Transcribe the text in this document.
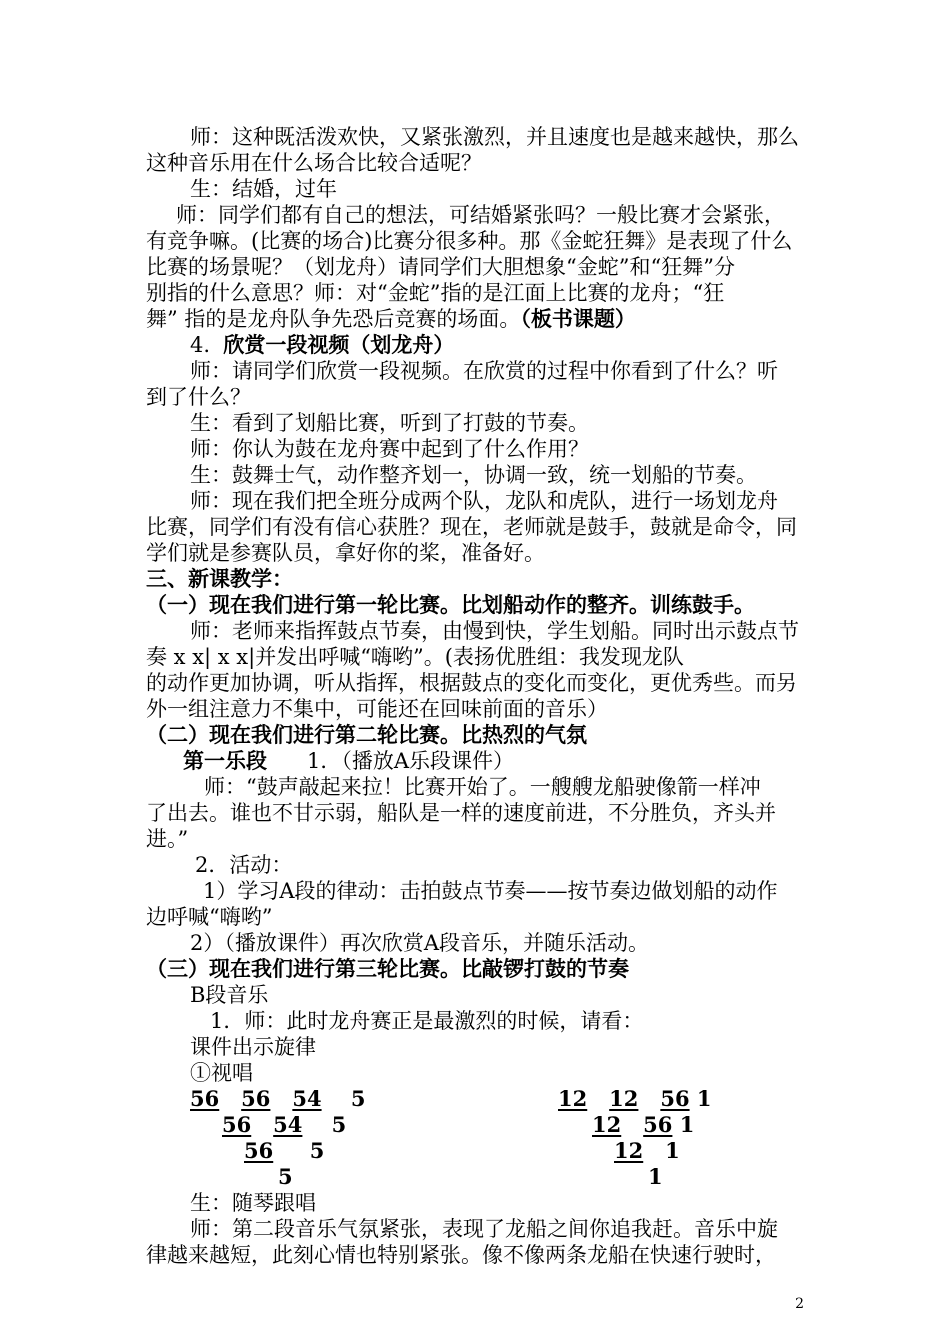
师：这种既活泼欢快，又紧张激烈，并且速度也是越来越快，那么
这种音乐用在什么场合比较合适呢？
生：结婚，过年
师：同学们都有自己的想法，可结婚紧张吗？一般比赛才会紧张，
有竞争嘛。(比赛的场合)比赛分很多种。那《金蛇狂舞》是表现了什么
比赛的场景呢？（划龙舟）请同学们大胆想象“金蛇”和“狂舞”分
别指的什么意思？师：对“金蛇”指的是江面上比赛的龙舟；“狂
舞” 指的是龙舟队争先恐后竞赛的场面。（板书课题）
4. 欣赏一段视频（划龙舟）
师：请同学们欣赏一段视频。在欣赏的过程中你看到了什么？听
到了什么？
生：看到了划船比赛，听到了打鼓的节奏。
师：你认为鼓在龙舟赛中起到了什么作用？
生：鼓舞士气，动作整齐划一，协调一致，统一划船的节奏。
师：现在我们把全班分成两个队，龙队和虎队，进行一场划龙舟
比赛，同学们有没有信心获胜？现在，老师就是鼓手，鼓就是命令，同
学们就是参赛队员，拿好你的桨，准备好。
三、新课教学：
（一）现在我们进行第一轮比赛。比划船动作的整齐。训练鼓手。
师：老师来指挥鼓点节奏，由慢到快，学生划船。同时出示鼓点节
奏 x x| x x|并发出呼喊“嗨哟”。(表扬优胜组：我发现龙队
的动作更加协调，听从指挥，根据鼓点的变化而变化，更优秀些。而另
外一组注意力不集中，可能还在回味前面的音乐）
（二）现在我们进行第二轮比赛。比热烈的气氛
第一乐段 1．（播放A乐段课件）
师：“鼓声敲起来拉！比赛开始了。一艘艘龙船驶像箭一样冲
了出去。谁也不甘示弱，船队是一样的速度前进，不分胜负，齐头并
进。”
2．活动：
1）学习A段的律动：击拍鼓点节奏——按节奏边做划船的动作
边呼喊“嗨哟”
2）（播放课件）再次欣赏A段音乐，并随乐活动。
（三）现在我们进行第三轮比赛。比敲锣打鼓的节奏
B段音乐
1．师：此时龙舟赛正是最激烈的时候，请看：
课件出示旋律
①视唱
56 56 54 5
56 54 5
56 5
5
12 12 56 1
12 56 1
12 1
1
生：随琴跟唱
师：第二段音乐气氛紧张，表现了龙船之间你追我赶。音乐中旋
律越来越短，此刻心情也特别紧张。像不像两条龙船在快速行驶时，
2
